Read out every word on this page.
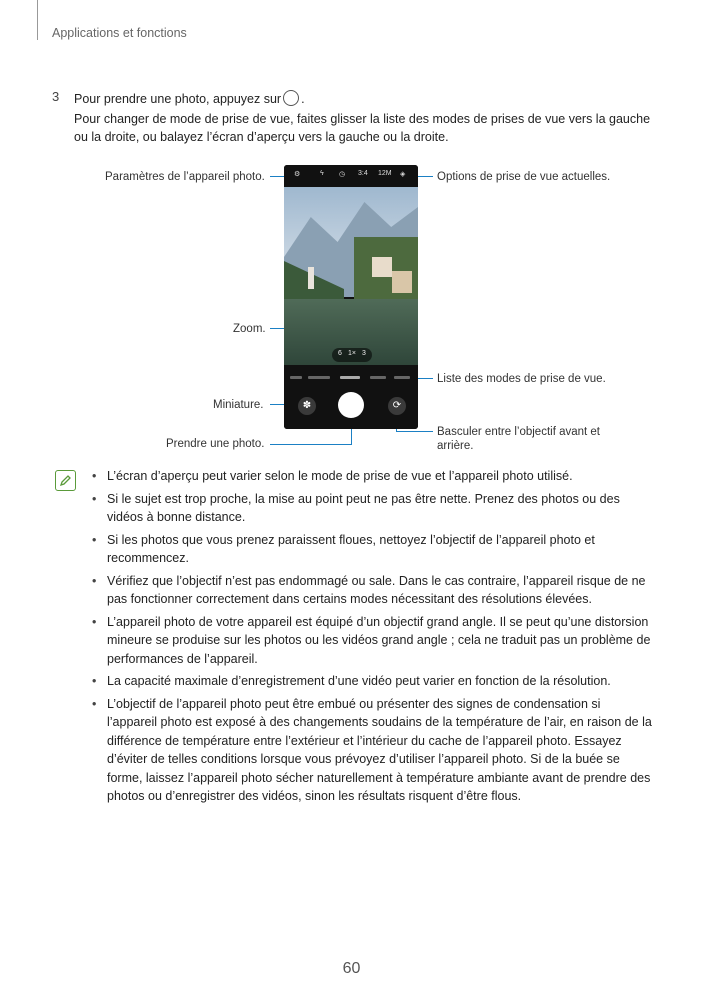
Applications et fonctions
3 Pour prendre une photo, appuyez sur .
Pour changer de mode de prise de vue, faites glisser la liste des modes de prises de vue vers la gauche ou la droite, ou balayez l’écran d’aperçu vers la gauche ou la droite.
Paramètres de l’appareil photo.	Options de prise de vue actuelles.
Zoom.
Liste des modes de prise de vue.
Miniature.
Basculer entre l’objectif avant et
arrière.
Prendre une photo.
⚙	ϟ ◷ 3:4 12M ◈
6 1× 3
✽	⟳
• L’écran d’aperçu peut varier selon le mode de prise de vue et l’appareil photo utilisé.
• Si le sujet est trop proche, la mise au point peut ne pas être nette. Prenez des photos ou des vidéos à bonne distance.
• Si les photos que vous prenez paraissent floues, nettoyez l’objectif de l’appareil photo et recommencez.
• Vérifiez que l’objectif n’est pas endommagé ou sale. Dans le cas contraire, l’appareil risque de ne pas fonctionner correctement dans certains modes nécessitant des résolutions élevées.
• L’appareil photo de votre appareil est équipé d’un objectif grand angle. Il se peut qu’une distorsion mineure se produise sur les photos ou les vidéos grand angle ; cela ne traduit pas un problème de performances de l’appareil.
• La capacité maximale d’enregistrement d’une vidéo peut varier en fonction de la résolution.
• L’objectif de l’appareil photo peut être embué ou présenter des signes de condensation si l’appareil photo est exposé à des changements soudains de la température de l’air, en raison de la différence de température entre l’extérieur et l’intérieur du cache de l’appareil photo. Essayez d’éviter de telles conditions lorsque vous prévoyez d’utiliser l’appareil photo. Si de la buée se forme, laissez l’appareil photo sécher naturellement à température ambiante avant de prendre des photos ou d’enregistrer des vidéos, sinon les résultats risquent d’être flous.
60
